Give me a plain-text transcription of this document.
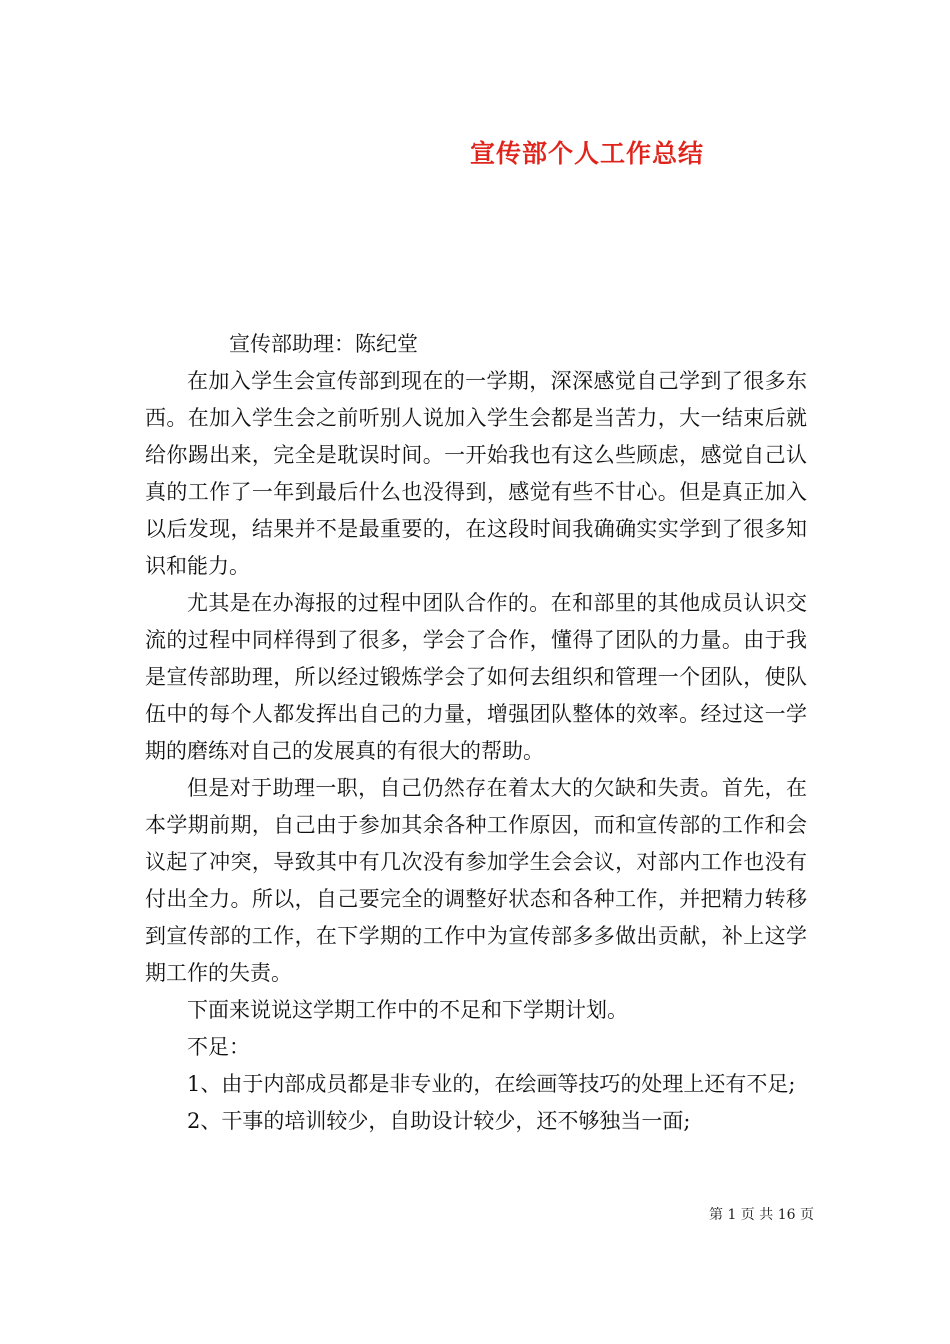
宣传部个人工作总结

宣传部助理：陈纪堂

在加入学生会宣传部到现在的一学期，深深感觉自己学到了很多东西。在加入学生会之前听别人说加入学生会都是当苦力，大一结束后就给你踢出来，完全是耽误时间。一开始我也有这么些顾虑，感觉自己认真的工作了一年到最后什么也没得到，感觉有些不甘心。但是真正加入以后发现，结果并不是最重要的，在这段时间我确确实实学到了很多知识和能力。

尤其是在办海报的过程中团队合作的。在和部里的其他成员认识交流的过程中同样得到了很多，学会了合作，懂得了团队的力量。由于我是宣传部助理，所以经过锻炼学会了如何去组织和管理一个团队，使队伍中的每个人都发挥出自己的力量，增强团队整体的效率。经过这一学期的磨练对自己的发展真的有很大的帮助。

但是对于助理一职，自己仍然存在着太大的欠缺和失责。首先，在本学期前期，自己由于参加其余各种工作原因，而和宣传部的工作和会议起了冲突，导致其中有几次没有参加学生会会议，对部内工作也没有付出全力。所以，自己要完全的调整好状态和各种工作，并把精力转移到宣传部的工作，在下学期的工作中为宣传部多多做出贡献，补上这学期工作的失责。

下面来说说这学期工作中的不足和下学期计划。

不足：

1、由于内部成员都是非专业的，在绘画等技巧的处理上还有不足;

2、干事的培训较少，自助设计较少，还不够独当一面;

第 1 页 共 16 页
